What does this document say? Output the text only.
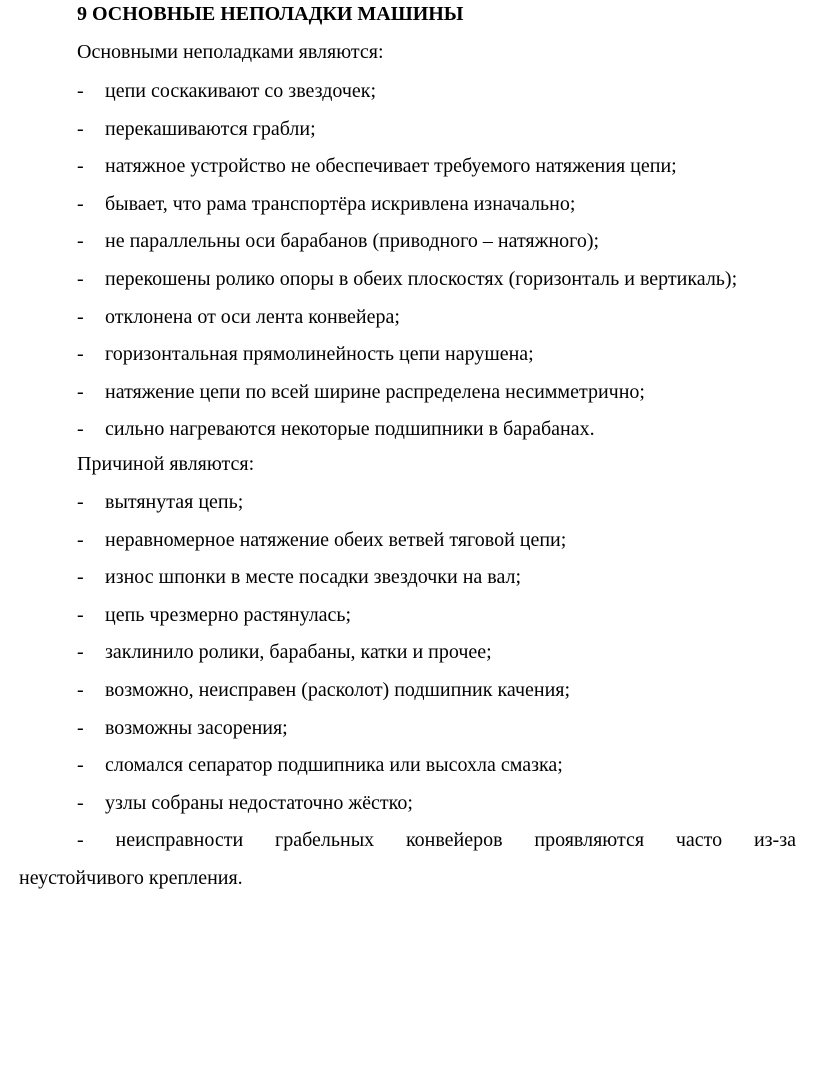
9 ОСНОВНЫЕ НЕПОЛАДКИ МАШИНЫ
Основными неполадками являются:
- цепи соскакивают со звездочек;
- перекашиваются грабли;
- натяжное устройство не обеспечивает требуемого натяжения цепи;
- бывает, что рама транспортёра искривлена изначально;
- не параллельны оси барабанов (приводного – натяжного);
- перекошены ролико опоры в обеих плоскостях (горизонталь и вертикаль);
- отклонена от оси лента конвейера;
- горизонтальная прямолинейность цепи нарушена;
- натяжение цепи по всей ширине распределена несимметрично;
- сильно нагреваются некоторые подшипники в барабанах.
Причиной являются:
- вытянутая цепь;
- неравномерное натяжение обеих ветвей тяговой цепи;
- износ шпонки в месте посадки звездочки на вал;
- цепь чрезмерно растянулась;
- заклинило ролики, барабаны, катки и прочее;
- возможно, неисправен (расколот) подшипник качения;
- возможны засорения;
- сломался сепаратор подшипника или высохла смазка;
- узлы собраны недостаточно жёстко;
- неисправности грабельных конвейеров проявляются часто из-за
неустойчивого крепления.
